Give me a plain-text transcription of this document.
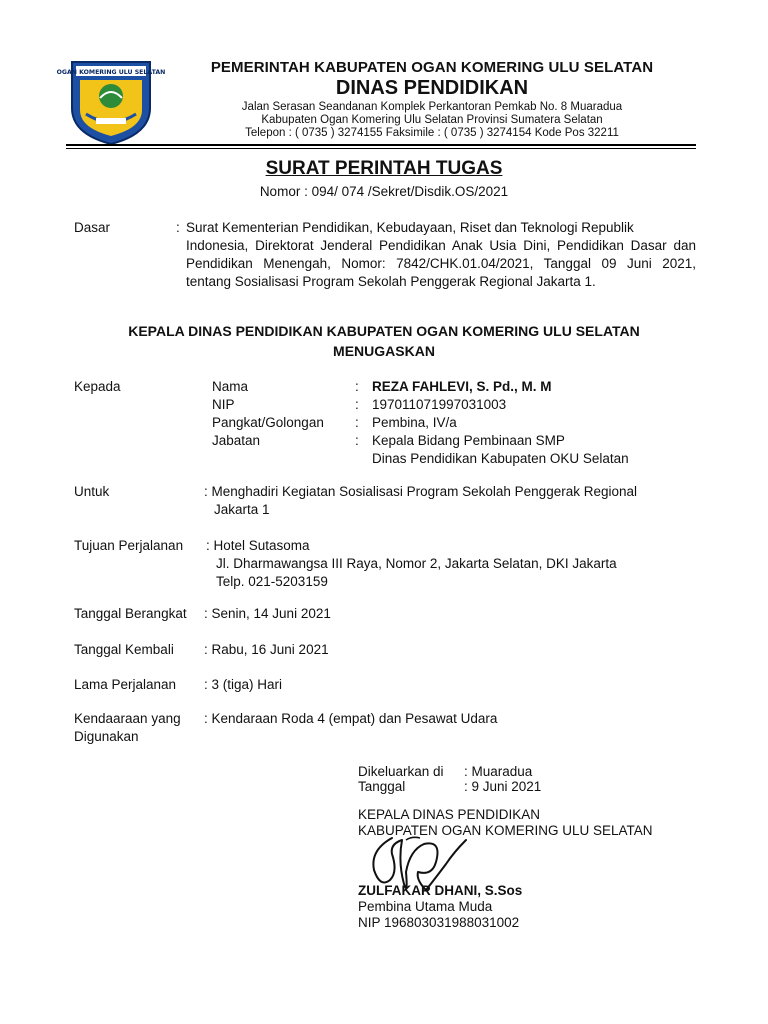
OGAN KOMERING ULU SELATAN	PEMERINTAH KABUPATEN OGAN KOMERING ULU SELATAN
DINAS PENDIDIKAN
Jalan Serasan Seandanan Komplek Perkantoran Pemkab No. 8 Muaradua
Kabupaten Ogan Komering Ulu Selatan Provinsi Sumatera Selatan
Telepon : ( 0735 ) 3274155 Faksimile : ( 0735 ) 3274154 Kode Pos 32211
SURAT PERINTAH TUGAS
Nomor : 094/ 074 /Sekret/Disdik.OS/2021
Dasar	: Surat Kementerian Pendidikan, Kebudayaan, Riset dan Teknologi Republik
Indonesia, Direktorat Jenderal Pendidikan Anak Usia Dini, Pendidikan Dasar dan Pendidikan Menengah, Nomor: 7842/CHK.01.04/2021, Tanggal 09 Juni 2021, tentang Sosialisasi Program Sekolah Penggerak Regional Jakarta 1.
KEPALA DINAS PENDIDIKAN KABUPATEN OGAN KOMERING ULU SELATAN
MENUGASKAN
Kepada	Nama	: REZA FAHLEVI, S. Pd., M. M
NIP	: 197011071997031003
Pangkat/Golongan : Pembina, IV/a
Jabatan	: Kepala Bidang Pembinaan SMP
Dinas Pendidikan Kabupaten OKU Selatan
Untuk	: Menghadiri Kegiatan Sosialisasi Program Sekolah Penggerak Regional
Jakarta 1
Tujuan Perjalanan : Hotel Sutasoma
Jl. Dharmawangsa III Raya, Nomor 2, Jakarta Selatan, DKI Jakarta
Telp. 021-5203159
Tanggal Berangkat : Senin, 14 Juni 2021
Tanggal Kembali : Rabu, 16 Juni 2021
Lama Perjalanan : 3 (tiga) Hari
Kendaaraan yang
Digunakan
: Kendaraan Roda 4 (empat) dan Pesawat Udara
Dikeluarkan di : Muaradua
Tanggal	: 9 Juni 2021
KEPALA DINAS PENDIDIKAN
KABUPATEN OGAN KOMERING ULU SELATAN
ZULFAKAR DHANI, S.Sos
Pembina Utama Muda
NIP 196803031988031002
